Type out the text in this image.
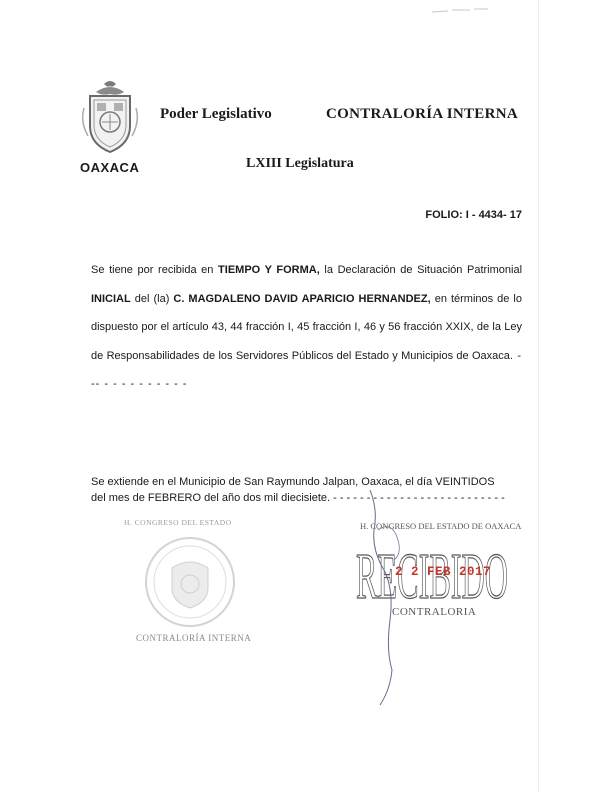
OAXACA
Poder Legislativo	CONTRALORÍA INTERNA
LXIII Legislatura
FOLIO: I - 4434- 17
Se tiene por recibida en TIEMPO Y FORMA, la Declaración de Situación Patrimonial INICIAL del (la) C. MAGDALENO DAVID APARICIO HERNANDEZ, en términos de lo dispuesto por el artículo 43, 44 fracción I, 45 fracción I, 46 y 56 fracción XXIX, de la Ley de Responsabilidades de los Servidores Públicos del Estado y Municipios de Oaxaca. - -- - - - - - - - - - -
Se extiende en el Municipio de San Raymundo Jalpan, Oaxaca, el día VEINTIDOS
del mes de FEBRERO del año dos mil diecisiete. - - - - - - - - - - - - - - - - - - - - - - - - - -
H. CONGRESO DEL ESTADO
CONTRALORÍA INTERNA
H. CONGRESO DEL ESTADO DE OAXACA
RECIBIDO
2 2 FEB 2017
CONTRALORIA
